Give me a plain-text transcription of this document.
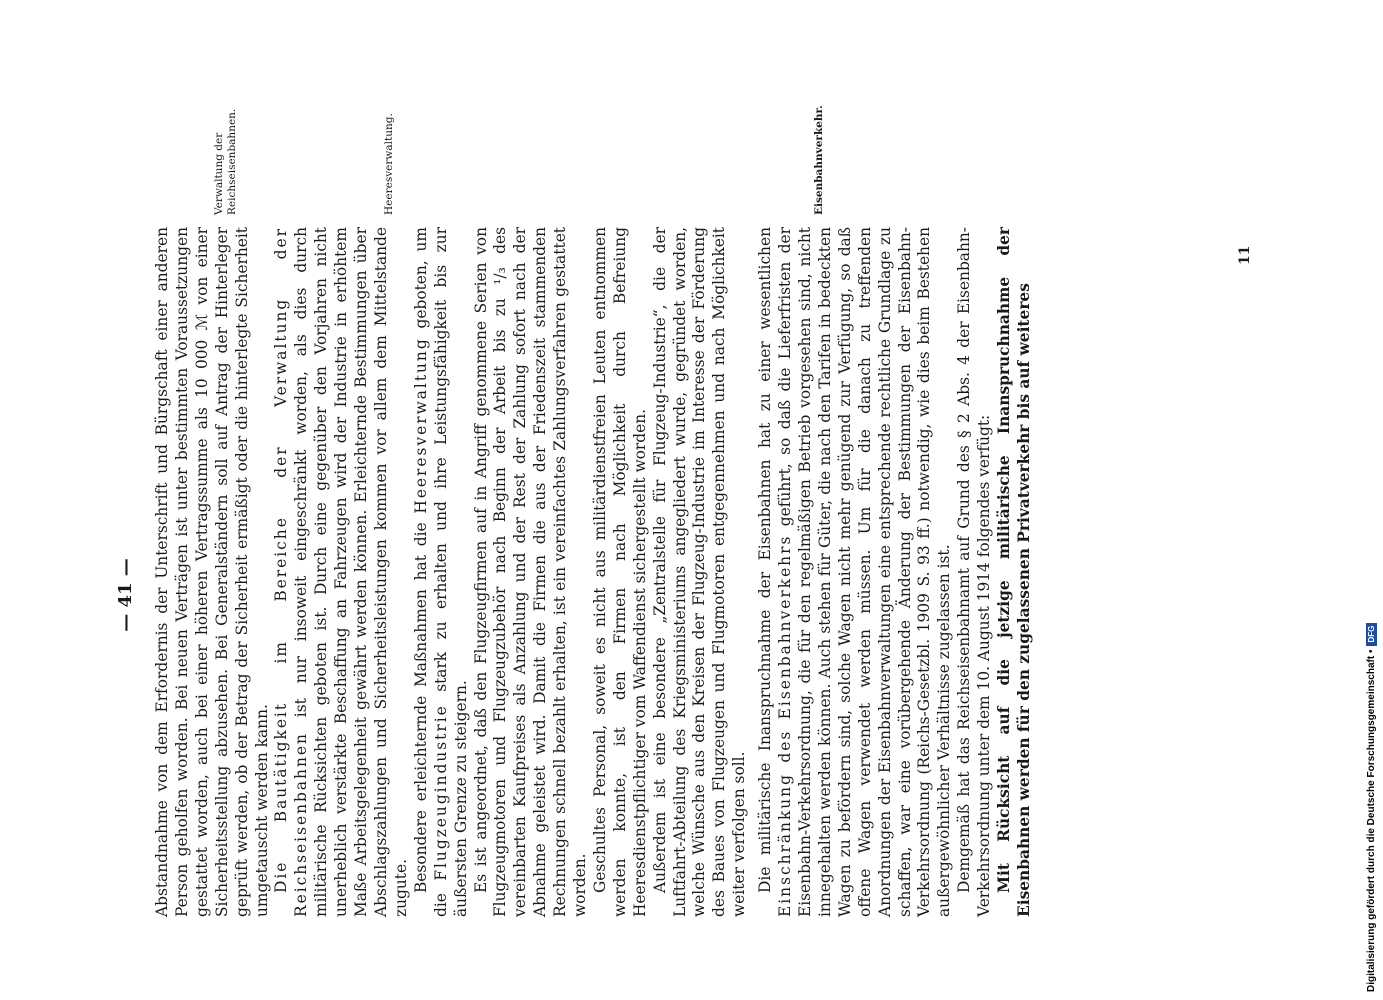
— 41 —	Abstandnahme von dem Erfordernis der Unterschrift und Bürgschaft einer anderen Person geholfen worden. Bei neuen Verträgen ist unter bestimmten Voraussetzungen gestattet worden, auch bei einer höheren Vertragssumme als 10 000 ℳ von einer Sicherheitsstellung abzusehen. Bei Generalständern soll auf Antrag der Hinterleger geprüft werden, ob der Betrag der Sicherheit ermäßigt oder die hinterlegte Sicherheit umgetauscht werden kann. Die Bautätigkeit im Bereiche der Verwaltung der Reichseisenbahnen ist nur insoweit eingeschränkt worden, als dies durch militärische Rücksichten geboten ist. Durch eine gegenüber den Vorjahren nicht unerheblich verstärkte Beschaffung an Fahrzeugen wird der Industrie in erhöhtem Maße Arbeitsgelegenheit gewährt werden können. Erleichternde Bestimmungen über Abschlagszahlungen und Sicherheitsleistungen kommen vor allem dem Mittelstande zugute. Besondere erleichternde Maßnahmen hat die Heeresverwaltung geboten, um die Flugzeugindustrie stark zu erhalten und ihre Leistungsfähigkeit bis zur äußersten Grenze zu steigern. Es ist angeordnet, daß den Flugzeugfirmen auf in Angriff genommene Serien von Flugzeugmotoren und Flugzeugzubehör nach Beginn der Arbeit bis zu ¹/₃ des vereinbarten Kaufpreises als Anzahlung und der Rest der Zahlung sofort nach der Abnahme geleistet wird. Damit die Firmen die aus der Friedenszeit stammenden Rechnungen schnell bezahlt erhalten, ist ein vereinfachtes Zahlungsverfahren gestattet worden. Geschultes Personal, soweit es nicht aus militärdienstfreien Leuten entnommen werden konnte, ist den Firmen nach Möglichkeit durch Befreiung Heeresdienstpflichtiger vom Waffendienst sichergestellt worden. Außerdem ist eine besondere „Zentralstelle für Flugzeug-Industrie“, die der Luftfahrt-Abteilung des Kriegsministeriums angegliedert wurde, gegründet worden, welche Wünsche aus den Kreisen der Flugzeug-Industrie im Interesse der Förderung des Baues von Flugzeugen und Flugmotoren entgegennehmen und nach Möglichkeit weiter verfolgen soll. Die militärische Inanspruchnahme der Eisenbahnen hat zu einer wesentlichen Einschränkung des Eisenbahnverkehrs geführt, so daß die Lieferfristen der Eisenbahn-Verkehrsordnung, die für den regelmäßigen Betrieb vorgesehen sind, nicht innegehalten werden können. Auch stehen für Güter, die nach den Tarifen in bedeckten Wagen zu befördern sind, solche Wagen nicht mehr genügend zur Verfügung, so daß offene Wagen verwendet werden müssen. Um für die danach zu treffenden Anordnungen der Eisenbahnverwaltungen eine entsprechende rechtliche Grundlage zu schaffen, war eine vorübergehende Änderung der Bestimmungen der Eisenbahn-Verkehrsordnung (Reichs-Gesetzbl. 1909 S. 93 ff.) notwendig, wie dies beim Bestehen außergewöhnlicher Verhältnisse zugelassen ist. Demgemäß hat das Reichseisenbahnamt auf Grund des § 2 Abs. 4 der Eisenbahn-Verkehrsordnung unter dem 10. August 1914 folgendes verfügt: Mit Rücksicht auf die jetzige militärische Inanspruchnahme der Eisenbahnen werden für den zugelassenen Privatverkehr bis auf weiteres

Verwaltung der Reichseisenbahnen.	Heeresverwaltung.	Eisenbahnverkehr.
11
Digitalisierung gefördert durch die Deutsche Forschungsgemeinschaft •
DFG
